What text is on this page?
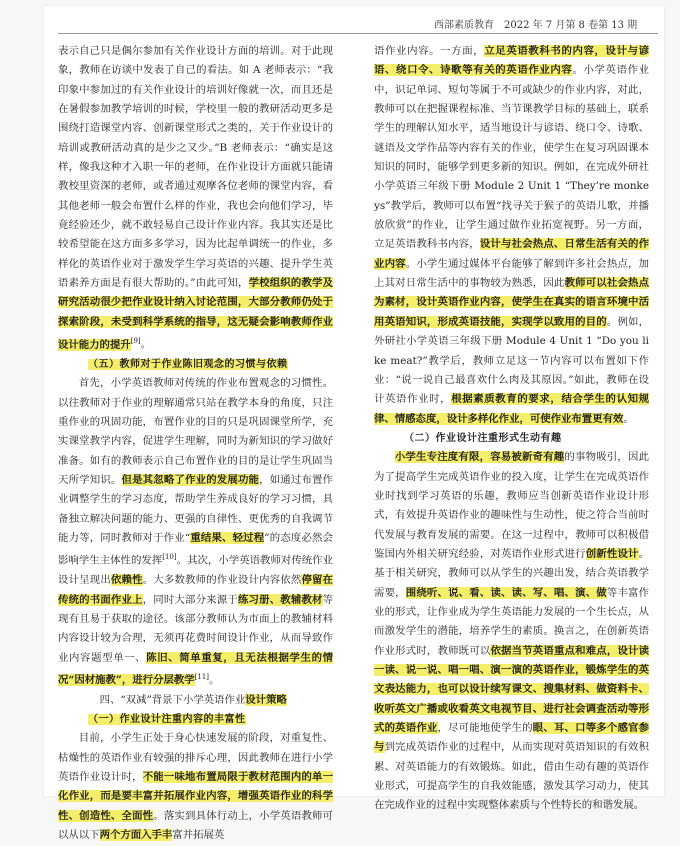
西部素质教育　2022 年 7 月第 8 卷第 13 期

表示自己只是偶尔参加有关作业设计方面的培训。对于此现象，教师在访谈中发表了自己的看法。如 A 老师表示：“我印象中参加过的有关作业设计的培训好像就一次，而且还是在暑假参加教学培训的时候，学校里一般的教研活动更多是围绕打造课堂内容、创新课堂形式之类的，关于作业设计的培训或教研活动真的是少之又少。”B 老师表示：“确实是这样，像我这种才入职一年的老师，在作业设计方面就只能请教校里资深的老师，或者通过观摩各位老师的课堂内容，看其他老师一般会布置什么样的作业，我也会向他们学习，毕竟经验还少，就不敢轻易自己设计作业内容。我其实还是比较希望能在这方面多多学习，因为比起单调统一的作业，多样化的英语作业对于激发学生学习英语的兴趣、提升学生英语素养方面是有很大帮助的。”由此可知，学校组织的教学及研究活动很少把作业设计纳入讨论范围，大部分教师仍处于探索阶段，未受到科学系统的指导，这无疑会影响教师作业设计能力的提升[9]。

（五）教师对于作业陈旧观念的习惯与依赖

首先，小学英语教师对传统的作业布置观念的习惯性。以往教师对于作业的理解通常只站在教学本身的角度，只注重作业的巩固功能，布置作业的目的只是巩固课堂所学，充实课堂教学内容，促进学生理解，同时为新知识的学习做好准备。如有的教师表示自己布置作业的目的是让学生巩固当天所学知识。但是其忽略了作业的发展功能，如通过布置作业调整学生的学习态度，帮助学生养成良好的学习习惯，具备独立解决问题的能力、更强的自律性、更优秀的自我调节能力等，同时教师对于作业“重结果、轻过程”的态度必然会影响学生主体性的发挥[10]。其次，小学英语教师对传统作业设计呈现出依赖性。大多数教师的作业设计内容依然停留在传统的书面作业上，同时大部分来源于练习册、教辅教材等现有且易于获取的途径。该部分教师认为市面上的教辅材料内容设计较为合理，无须再花费时间设计作业，从而导致作业内容题型单一、陈旧、简单重复，且无法根据学生的情况“因材施教”，进行分层教学[11]。

四、“双减”背景下小学英语作业设计策略

（一）作业设计注重内容的丰富性

目前，小学生正处于身心快速发展的阶段，对重复性、枯燥性的英语作业有较强的排斥心理，因此教师在进行小学英语作业设计时，不能一味地布置局限于教材范围内的单一化作业，而是要丰富并拓展作业内容，增强英语作业的科学性、创造性、全面性。落实到具体行动上，小学英语教师可以从以下两个方面入手丰富并拓展英

语作业内容。一方面，立足英语教科书的内容，设计与谚语、绕口令、诗歌等有关的英语作业内容。小学英语作业中，识记单词、短句等属于不可或缺少的作业内容，对此，教师可以在把握课程标准、当节课教学目标的基础上，联系学生的理解认知水平，适当地设计与谚语、绕口令、诗歌、谜语及文学作品等内容有关的作业，使学生在复习巩固课本知识的同时，能够学到更多新的知识。例如，在完成外研社小学英语三年级下册 Module 2 Unit 1 “They’re monkeys”教学后，教师可以布置“找寻关于猴子的英语儿歌，并播放欣赏”的作业，让学生通过做作业拓宽视野。另一方面，立足英语教科书内容，设计与社会热点、日常生活有关的作业内容。小学生通过媒体平台能够了解到许多社会热点，加上其对日常生活中的事物较为熟悉，因此教师可以社会热点为素材，设计英语作业内容，使学生在真实的语言环境中活用英语知识，形成英语技能，实现学以致用的目的。例如，外研社小学英语三年级下册 Module 4 Unit 1 “Do you like meat?”教学后，教师立足这一节内容可以布置如下作业：“说一说自己最喜欢什么肉及其原因。”如此，教师在设计英语作业时，根据素质教育的要求，结合学生的认知规律、情感态度，设计多样化作业，可使作业布置更有效。

（二）作业设计注重形式生动有趣

小学生专注度有限，容易被新奇有趣的事物吸引，因此为了提高学生完成英语作业的投入度，让学生在完成英语作业时找到学习英语的乐趣，教师应当创新英语作业设计形式，有效提升英语作业的趣味性与生动性，使之符合当前时代发展与教育发展的需要。在这一过程中，教师可以积极借鉴国内外相关研究经验，对英语作业形式进行创新性设计。基于相关研究，教师可以从学生的兴趣出发，结合英语教学需要，围绕听、说、看、读、读、写、唱、演、做等丰富作业的形式，让作业成为学生英语能力发展的一个生长点，从而激发学生的潜能，培养学生的素质。换言之，在创新英语作业形式时，教师既可以依据当节英语重点和难点，设计读一读、说一说、唱一唱、演一演的英语作业，锻炼学生的英文表达能力，也可以设计续写课文、搜集材料、做资料卡、收听英文广播或收看英文电视节目、进行社会调查活动等形式的英语作业，尽可能地使学生的眼、耳、口等多个感官参与到完成英语作业的过程中，从而实现对英语知识的有效积累、对英语能力的有效锻炼。如此，借由生动有趣的英语作业形式，可提高学生的自我效能感，激发其学习动力，使其在完成作业的过程中实现整体素质与个性特长的和谐发展。
